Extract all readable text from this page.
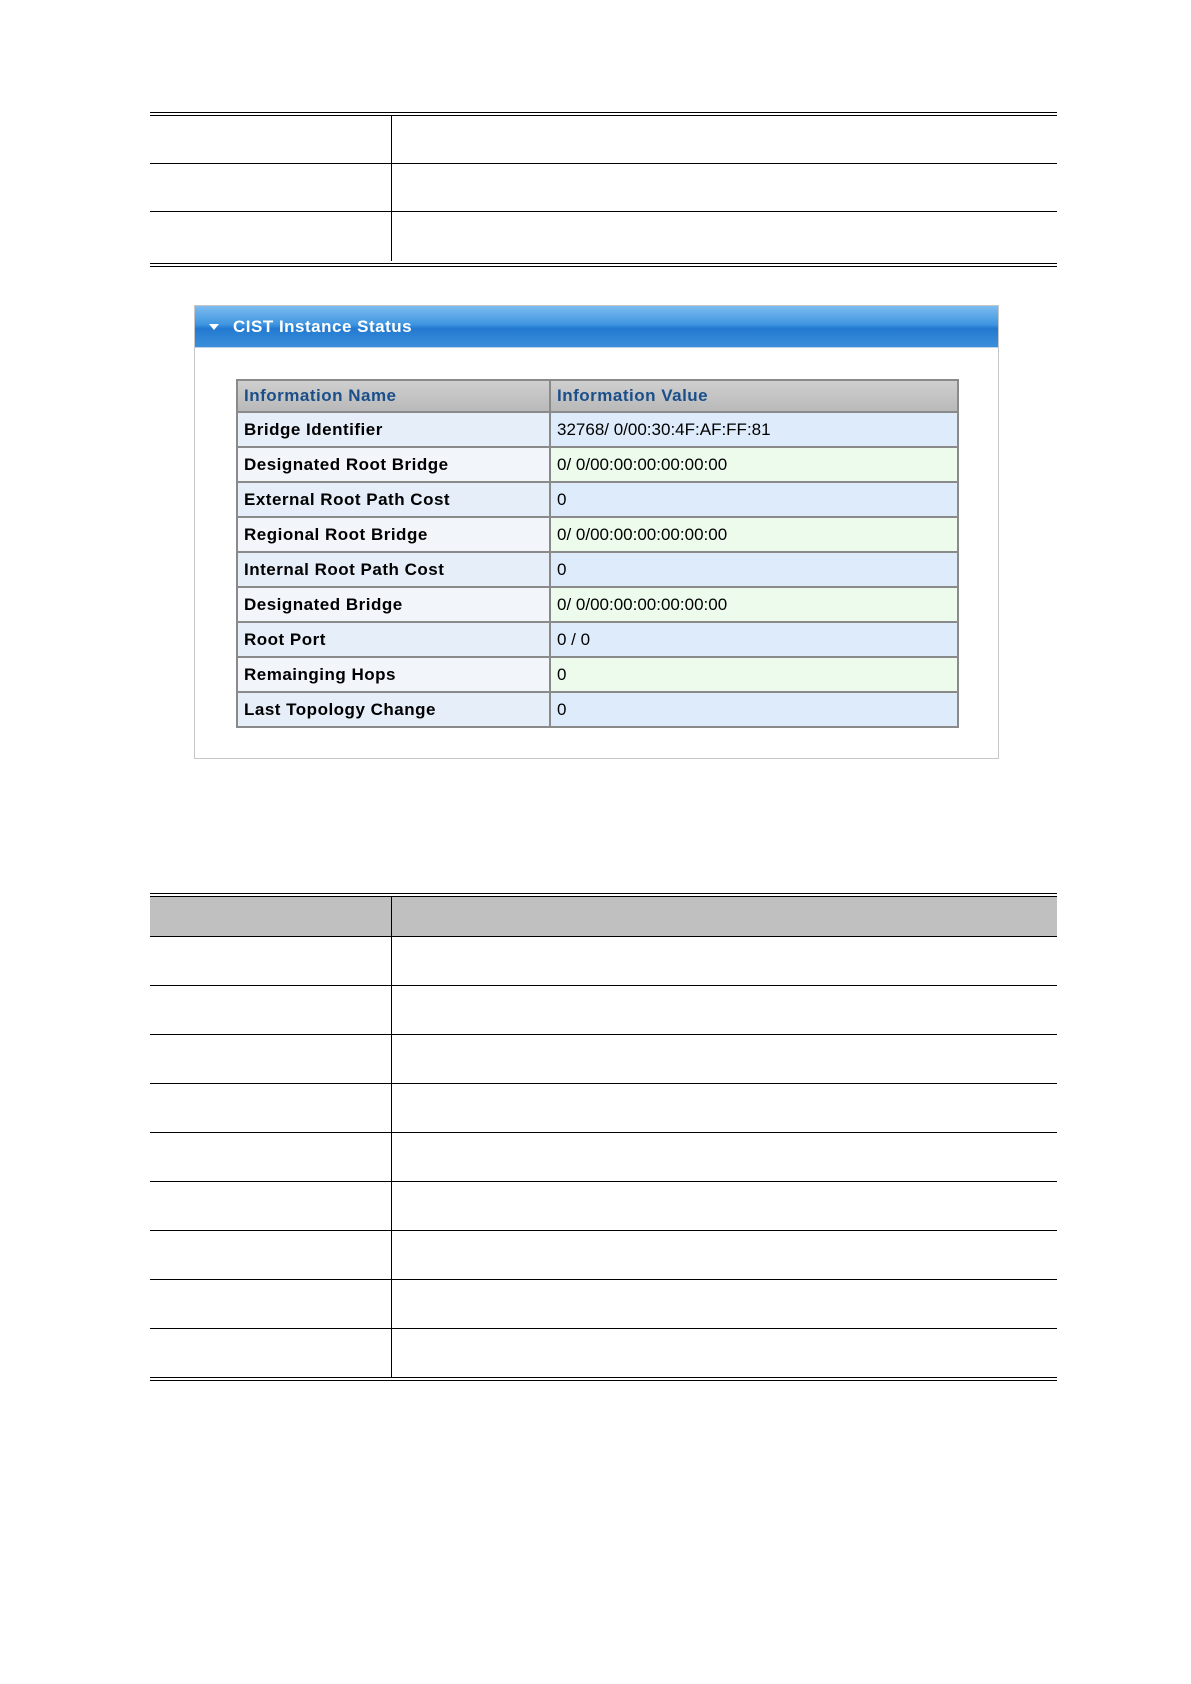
CIST Instance Status
Information Name	Information Value
Bridge Identifier	32768/ 0/00:30:4F:AF:FF:81
Designated Root Bridge	0/ 0/00:00:00:00:00:00
External Root Path Cost	0
Regional Root Bridge	0/ 0/00:00:00:00:00:00
Internal Root Path Cost	0
Designated Bridge	0/ 0/00:00:00:00:00:00
Root Port	0 / 0
Remainging Hops	0
Last Topology Change	0
